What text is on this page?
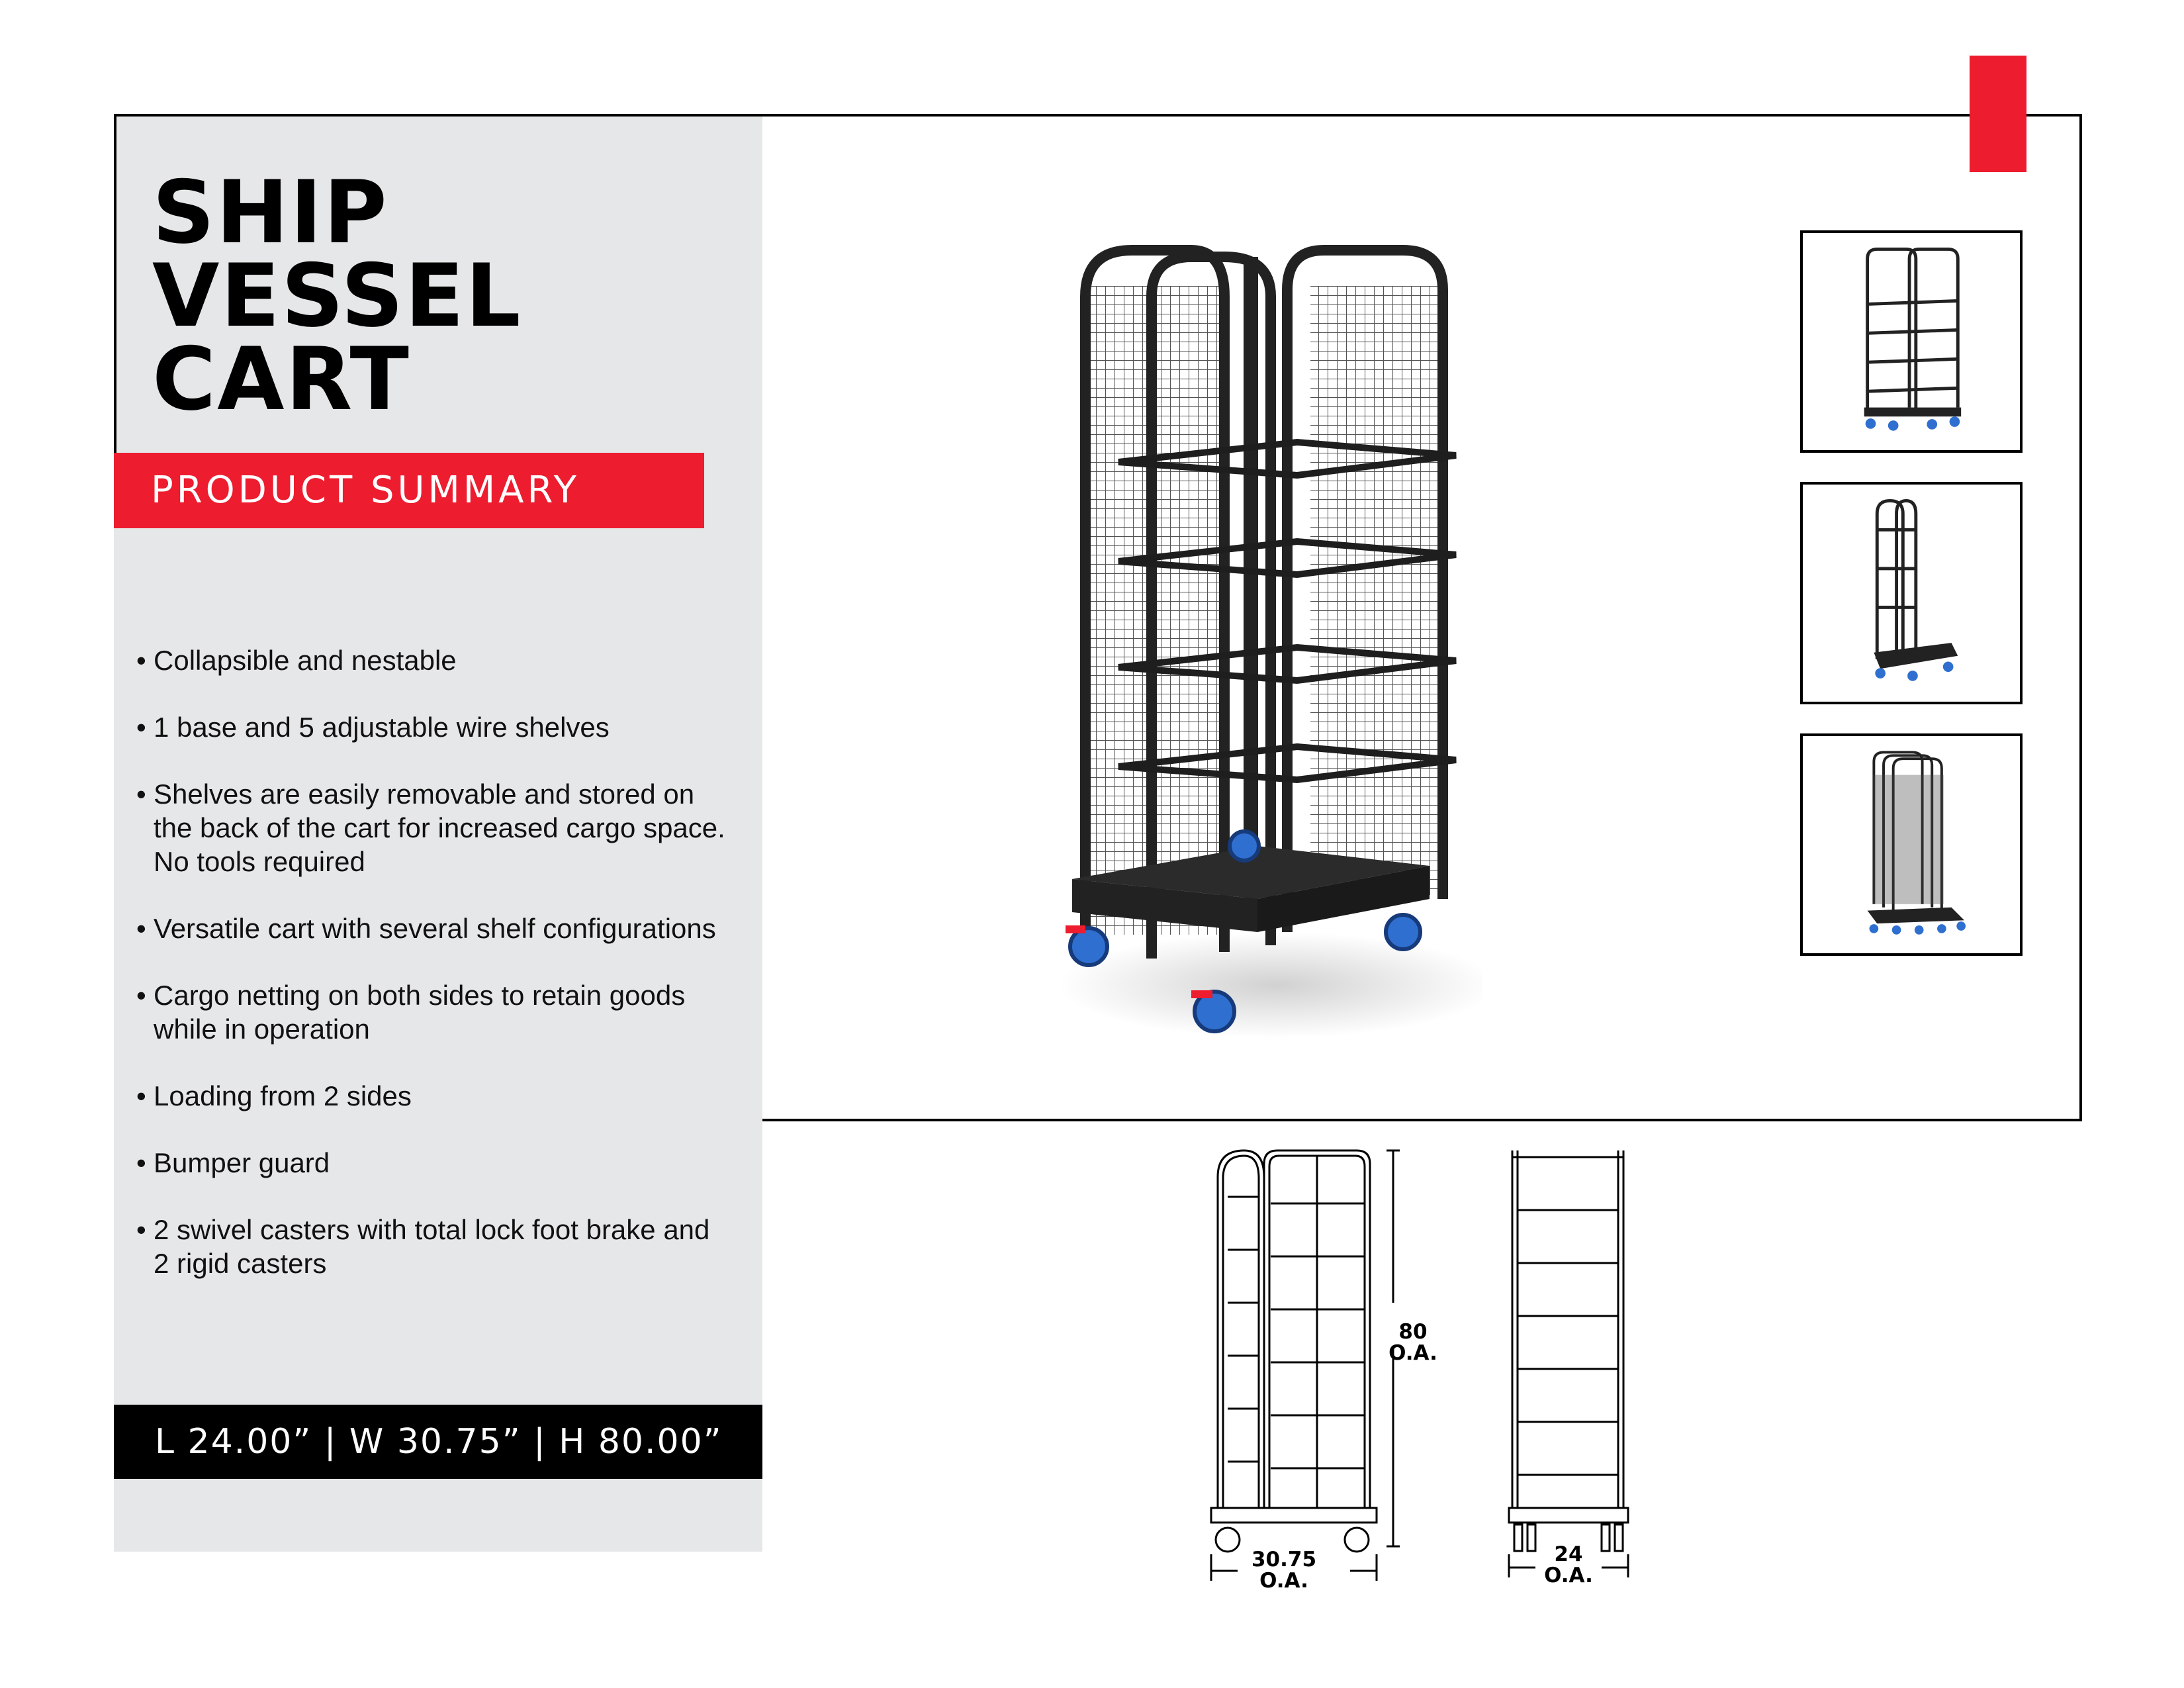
SHIP
VESSEL
CART
PRODUCT SUMMARY
• Collapsible and nestable
• 1 base and 5 adjustable wire shelves
• Shelves are easily removable and stored on the back of the cart for increased cargo space. No tools required
• Versatile cart with several shelf configurations
• Cargo netting on both sides to retain goods while in operation
• Loading from 2 sides
• Bumper guard
• 2 swivel casters with total lock foot brake and 2 rigid casters
L 24.00” | W 30.75” | H 80.00”
80
O.A.
30.75
O.A.
24
O.A.
